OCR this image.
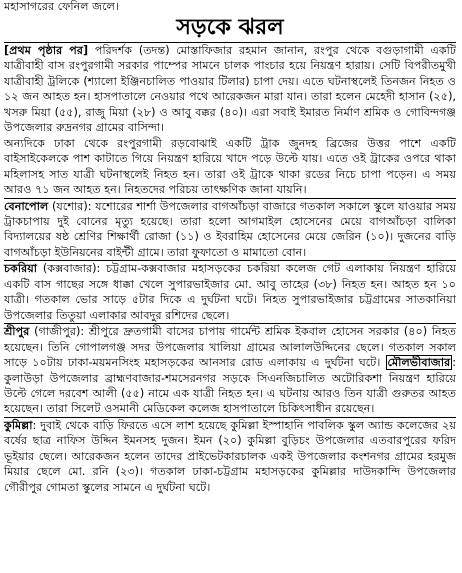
মহাসাগরের ফেনিল জলে।

সড়কে ঝরল
[প্রথম পৃষ্ঠার পর] পরিদর্শক (তদন্ত) মোস্তাফিজার রহমান জানান, রংপুর থেকে বগুড়াগামী একটি যাত্রীবাহী বাস রংপুরগামী সরকার পাম্পের সামনে চালক পাংচার হয়ে নিয়ন্ত্রণ হারায়। সেটি বিপরীতমুখী যাত্রীবাহী ট্রলিকে (শ্যালো ইঞ্জিনচালিত পাওয়ার টিলার) চাপা দেয়। এতে ঘটনাস্থলেই তিনজন নিহত ও ১২ জন আহত হন। হাসপাতালে নেওয়ার পথে আরেকজন মারা যান। তারা হলেন মেহেদী হাসান (২৫), খসরু মিয়া (৫৫), রাজু মিয়া (২৮) ও আবু বক্কর (৪০)। এরা সবাই ইমারত নির্মাণ শ্রমিক ও গোবিন্দগঞ্জ উপজেলার রুদ্রনগর গ্রামের বাসিন্দা।
অন্যদিকে ঢাকা থেকে রংপুরগামী রড়বোঝাই একটি ট্রাক জুনদহ ব্রিজের উত্তর পাশে একটি বাইসাইকেলকে পাশ কাটাতে গিয়ে নিয়ন্ত্রণ হারিয়ে খাদে পড়ে উল্টে যায়। এতে ওই ট্রাকের ওপরে থাকা মহিলাসহ সাত যাত্রী ঘটনাস্থলেই নিহত হন। তারা ওই ট্রাকে থাকা রডের নিচে চাপা পড়েন। এ সময় আরও ৭১ জন আহত হন। নিহতদের পরিচয় তাৎক্ষণিক জানা যায়নি।
বেনাপোল (যশোর): যশোরের শার্শা উপজেলার বাগআঁচড়া বাজারে গতকাল সকালে স্কুলে যাওয়ার সময় ট্রাকচাপায় দুই বোনের মৃত্যু হয়েছে। তারা হলো আগমাইল হোসেনের মেয়ে বাগআঁচড়া বালিকা বিদ্যালয়ের ষষ্ঠ শ্রেণির শিক্ষার্থী রোজা (১১) ও ইবরাহিম হোসেনের মেয়ে জেরিন (১০)। দুজনের বাড়ি বাগআঁচড়া ইউনিয়নের বাইন্টী গ্রামে। তারা ফুফাতো ও মামাতো বোন।
চকরিয়া (কক্সবাজার): চট্টগ্রাম-কক্সবাজার মহাসড়কের চকরিয়া কলেজ গেট এলাকায় নিয়ন্ত্রণ হারিয়ে একটি বাস গাছের সঙ্গে ধাক্কা খেলে সুপারভাইজার মো. আবু তাহের (৩৮) নিহত হন। আহত হন ১০ যাত্রী। গতকাল ভোর সাড়ে ৫টার দিকে এ দুর্ঘটনা ঘটে। নিহত সুপারভাইজার চট্টগ্রামের সাতকানিয়া উপজেলার তিতুয়া এলাকার আবদুর রশিদের ছেলে।
শ্রীপুর (গাজীপুর): শ্রীপুরে দ্রুতগামী বাসের চাপায় গার্মেন্ট শ্রমিক ইকবাল হোসেন সরকার (৪০) নিহত হয়েছেন। তিনি গোপালগঞ্জ সদর উপজেলার খালিয়া গ্রামের আলালউদ্দিনের ছেলে। গতকাল সকাল সাড়ে ১০টায় ঢাকা-ময়মনসিংহ মহাসড়কের আনসার রোড এলাকায় এ দুর্ঘটনা ঘটে। মৌলভীবাজার : কুলাউড়া উপজেলার ব্রাহ্মণবাজার-শমসেরনগর সড়কে সিএনজিচালিত অটোরিকশা নিয়ন্ত্রণ হারিয়ে উল্টে গেলে দরবেশ আলী (৫৫) নামে এক যাত্রী নিহত হন। এ ঘটনায় আরও তিন যাত্রী গুরুতর আহত হয়েছেন। তারা সিলেট ওসমানী মেডিকেল কলেজ হাসপাতালে চিকিৎসাধীন রয়েছেন।
কুমিল্লা: দুবাই থেকে বাড়ি ফিরতে এসে লাশ হয়েছে কুমিল্লা ইস্পাহানি পাবলিক স্কুল অ্যান্ড কলেজের ২য় বর্ষের ছাত্র নাফিস উদ্দিন ইমনসহ দুজন। ইমন (২০) কুমিল্লা বুড়িচং উপজেলার এতবারপুরের ফরিদ ভূইয়ার ছেলে। আরেকজন হলেন তাদের প্রাইভেটকারচালক একই উপজেলার কংশনগর গ্রামের হরমুজ মিয়ার ছেলে মো. রনি (২৩)। গতকাল ঢাকা-চট্টগ্রাম মহাসড়কের কুমিল্লার দাউদকান্দি উপজেলার গৌরীপুর গোমতা স্কুলের সামনে এ দুর্ঘটনা ঘটে।
